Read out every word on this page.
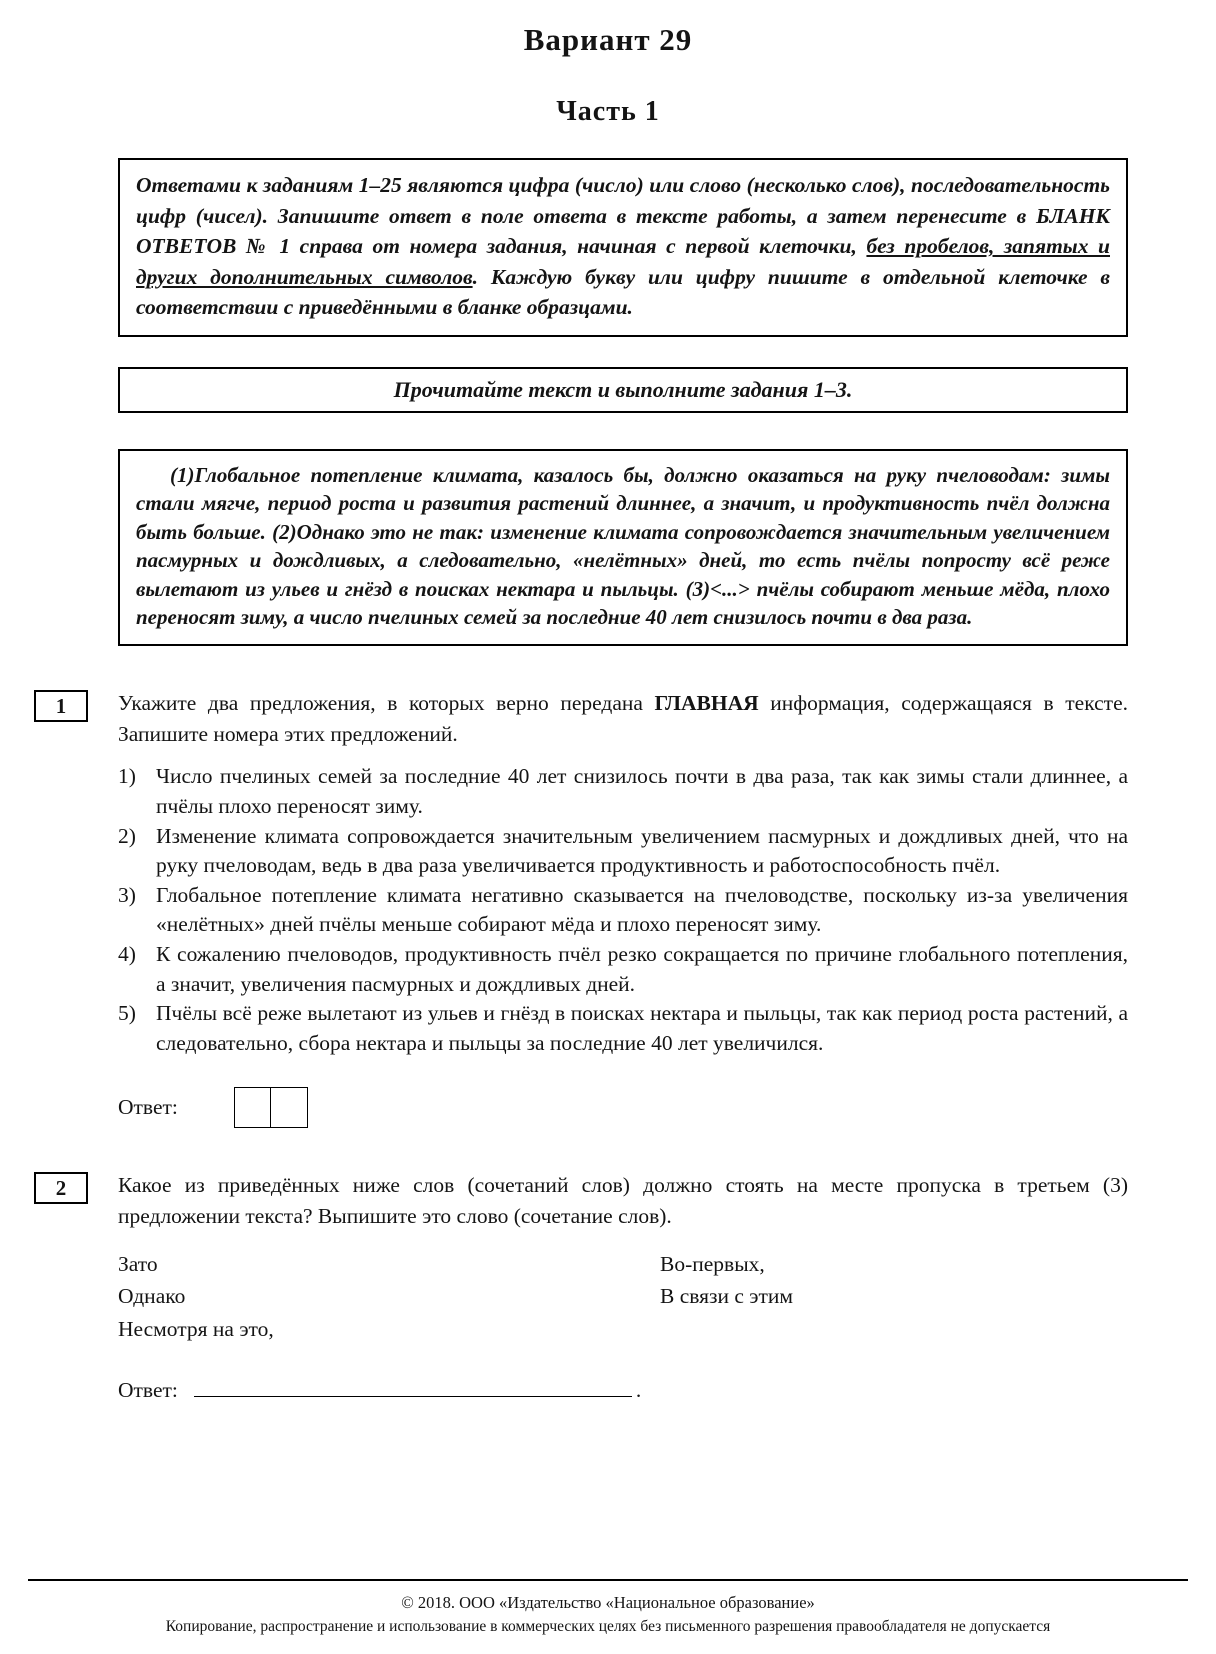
Вариант 29
Часть 1
Ответами к заданиям 1–25 являются цифра (число) или слово (несколько слов), последовательность цифр (чисел). Запишите ответ в поле ответа в тексте работы, а затем перенесите в БЛАНК ОТВЕТОВ № 1 справа от номера задания, начиная с первой клеточки, без пробелов, запятых и других дополнительных символов. Каждую букву или цифру пишите в отдельной клеточке в соответствии с приведёнными в бланке образцами.
Прочитайте текст и выполните задания 1–3.

(1)Глобальное потепление климата, казалось бы, должно оказаться на руку пчеловодам: зимы стали мягче, период роста и развития растений длиннее, а значит, и продуктивность пчёл должна быть больше. (2)Однако это не так: изменение климата сопровождается значительным увеличением пасмурных и дождливых, а следовательно, «нелётных» дней, то есть пчёлы попросту всё реже вылетают из ульев и гнёзд в поисках нектара и пыльцы. (3)<...> пчёлы собирают меньше мёда, плохо переносят зиму, а число пчелиных семей за последние 40 лет снизилось почти в два раза.

1	Укажите два предложения, в которых верно передана ГЛАВНАЯ информация, содержащаяся в тексте. Запишите номера этих предложений.

1) Число пчелиных семей за последние 40 лет снизилось почти в два раза, так как зимы стали длиннее, а пчёлы плохо переносят зиму.
2) Изменение климата сопровождается значительным увеличением пасмурных и дождливых дней, что на руку пчеловодам, ведь в два раза увеличивается продуктивность и работоспособность пчёл.
3) Глобальное потепление климата негативно сказывается на пчеловодстве, поскольку из-за увеличения «нелётных» дней пчёлы меньше собирают мёда и плохо переносят зиму.
4) К сожалению пчеловодов, продуктивность пчёл резко сокращается по причине глобального потепления, а значит, увеличения пасмурных и дождливых дней.
5) Пчёлы всё реже вылетают из ульев и гнёзд в поисках нектара и пыльцы, так как период роста растений, а следовательно, сбора нектара и пыльцы за последние 40 лет увеличился.
Ответ:
2	Какое из приведённых ниже слов (сочетаний слов) должно стоять на месте пропуска в третьем (3) предложении текста? Выпишите это слово (сочетание слов).

Зато
Однако
Несмотря на это,
Во-первых,
В связи с этим
Ответ:	.
© 2018. ООО «Издательство «Национальное образование»
Копирование, распространение и использование в коммерческих целях без письменного разрешения правообладателя не допускается
